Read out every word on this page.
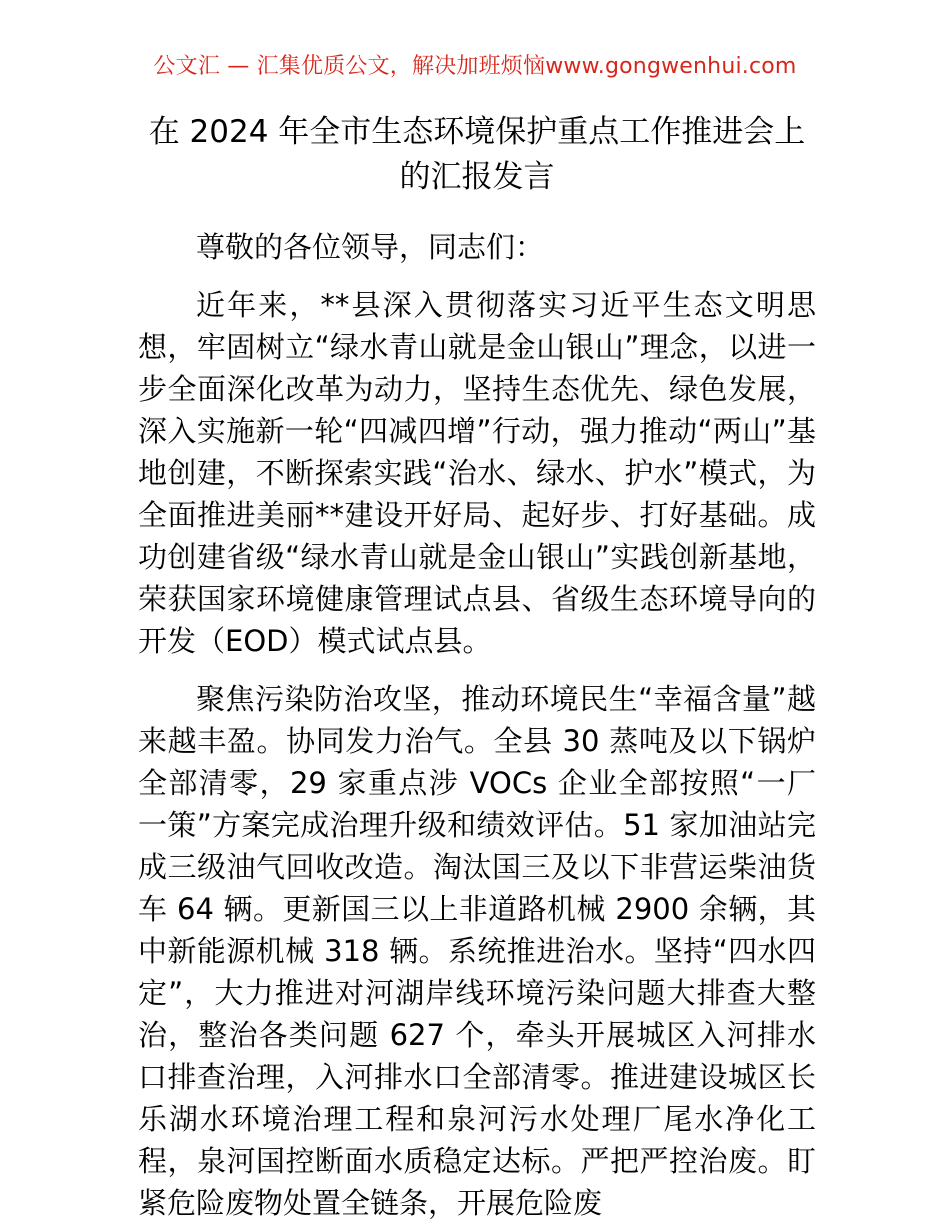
公文汇 — 汇集优质公文，解决加班烦恼www.gongwenhui.com
在 2024 年全市生态环境保护重点工作推进会上的汇报发言

尊敬的各位领导，同志们：

近年来，**县深入贯彻落实习近平生态文明思想，牢固树立“绿水青山就是金山银山”理念，以进一步全面深化改革为动力，坚持生态优先、绿色发展，深入实施新一轮“四减四增”行动，强力推动“两山”基地创建，不断探索实践“治水、绿水、护水”模式，为全面推进美丽**建设开好局、起好步、打好基础。成功创建省级“绿水青山就是金山银山”实践创新基地，荣获国家环境健康管理试点县、省级生态环境导向的开发（EOD）模式试点县。

聚焦污染防治攻坚，推动环境民生“幸福含量”越来越丰盈。协同发力治气。全县 30 蒸吨及以下锅炉全部清零，29 家重点涉 VOCs 企业全部按照“一厂一策”方案完成治理升级和绩效评估。51 家加油站完成三级油气回收改造。淘汰国三及以下非营运柴油货车 64 辆。更新国三以上非道路机械 2900 余辆，其中新能源机械 318 辆。系统推进治水。坚持“四水四定”，大力推进对河湖岸线环境污染问题大排查大整治，整治各类问题 627 个，牵头开展城区入河排水口排查治理，入河排水口全部清零。推进建设城区长乐湖水环境治理工程和泉河污水处理厂尾水净化工程，泉河国控断面水质稳定达标。严把严控治废。盯紧危险废物处置全链条，开展危险废
